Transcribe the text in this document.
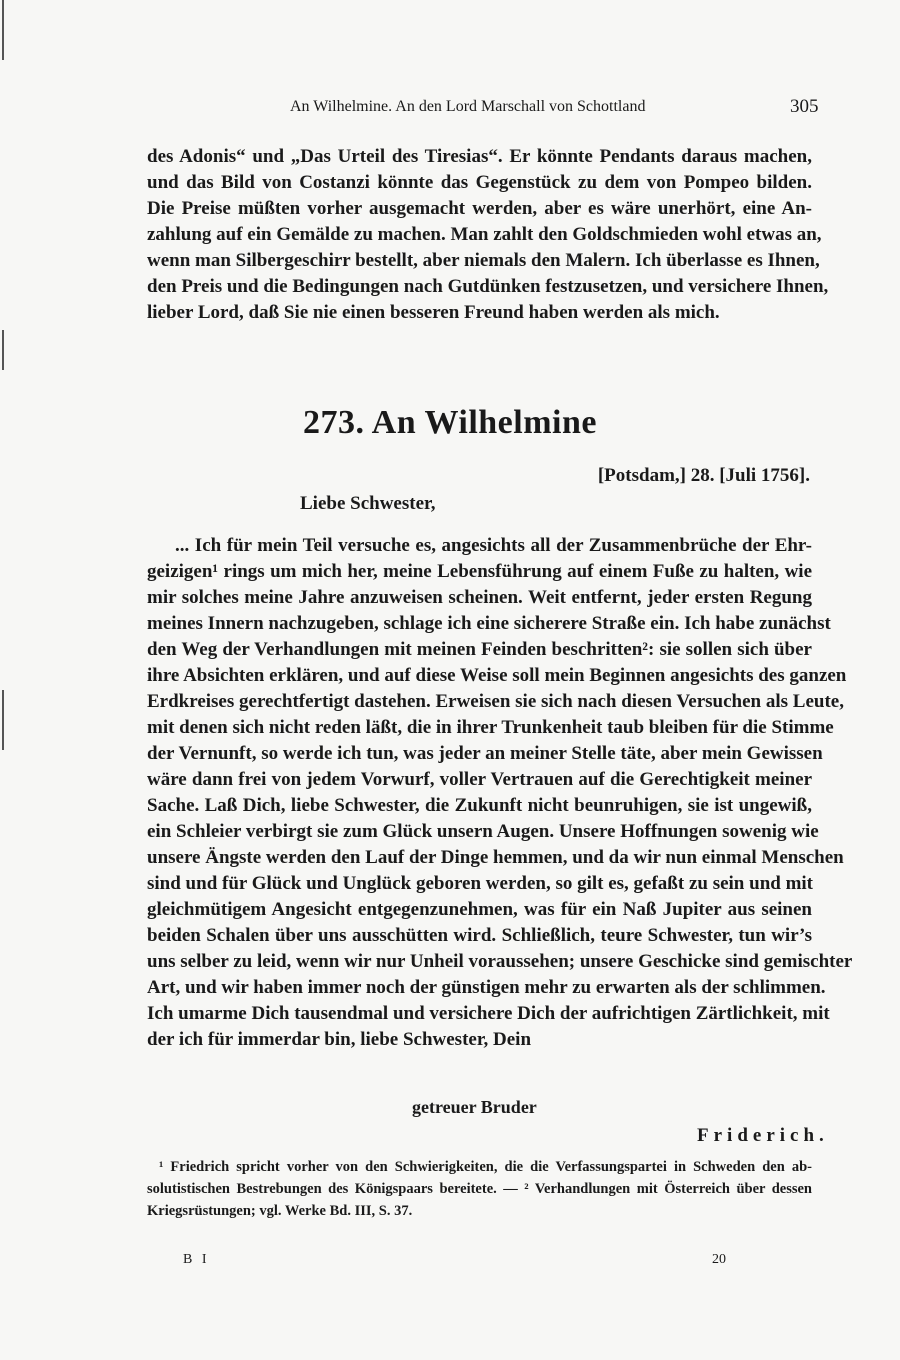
An Wilhelmine. An den Lord Marschall von Schottland	305
des Adonis“ und „Das Urteil des Tiresias“. Er könnte Pendants daraus machen,
und das Bild von Costanzi könnte das Gegenstück zu dem von Pompeo bilden.
Die Preise müßten vorher ausgemacht werden, aber es wäre unerhört, eine An-
zahlung auf ein Gemälde zu machen. Man zahlt den Goldschmieden wohl etwas an,
wenn man Silbergeschirr bestellt, aber niemals den Malern. Ich überlasse es Ihnen,
den Preis und die Bedingungen nach Gutdünken festzusetzen, und versichere Ihnen,
lieber Lord, daß Sie nie einen besseren Freund haben werden als mich.
273. An Wilhelmine
[Potsdam,] 28. [Juli 1756].
Liebe Schwester,
... Ich für mein Teil versuche es, angesichts all der Zusammenbrüche der Ehr-
geizigen¹ rings um mich her, meine Lebensführung auf einem Fuße zu halten, wie
mir solches meine Jahre anzuweisen scheinen. Weit entfernt, jeder ersten Regung
meines Innern nachzugeben, schlage ich eine sicherere Straße ein. Ich habe zunächst
den Weg der Verhandlungen mit meinen Feinden beschritten²: sie sollen sich über
ihre Absichten erklären, und auf diese Weise soll mein Beginnen angesichts des ganzen
Erdkreises gerechtfertigt dastehen. Erweisen sie sich nach diesen Versuchen als Leute,
mit denen sich nicht reden läßt, die in ihrer Trunkenheit taub bleiben für die Stimme
der Vernunft, so werde ich tun, was jeder an meiner Stelle täte, aber mein Gewissen
wäre dann frei von jedem Vorwurf, voller Vertrauen auf die Gerechtigkeit meiner
Sache. Laß Dich, liebe Schwester, die Zukunft nicht beunruhigen, sie ist ungewiß,
ein Schleier verbirgt sie zum Glück unsern Augen. Unsere Hoffnungen sowenig wie
unsere Ängste werden den Lauf der Dinge hemmen, und da wir nun einmal Menschen
sind und für Glück und Unglück geboren werden, so gilt es, gefaßt zu sein und mit
gleichmütigem Angesicht entgegenzunehmen, was für ein Naß Jupiter aus seinen
beiden Schalen über uns ausschütten wird. Schließlich, teure Schwester, tun wir’s
uns selber zu leid, wenn wir nur Unheil voraussehen; unsere Geschicke sind gemischter
Art, und wir haben immer noch der günstigen mehr zu erwarten als der schlimmen.
Ich umarme Dich tausendmal und versichere Dich der aufrichtigen Zärtlichkeit, mit
der ich für immerdar bin, liebe Schwester, Dein
getreuer Bruder
Friderich.
¹ Friedrich spricht vorher von den Schwierigkeiten, die die Verfassungspartei in Schweden den ab-
solutistischen Bestrebungen des Königspaars bereitete. — ² Verhandlungen mit Österreich über dessen
Kriegsrüstungen; vgl. Werke Bd. III, S. 37.
B I	20
